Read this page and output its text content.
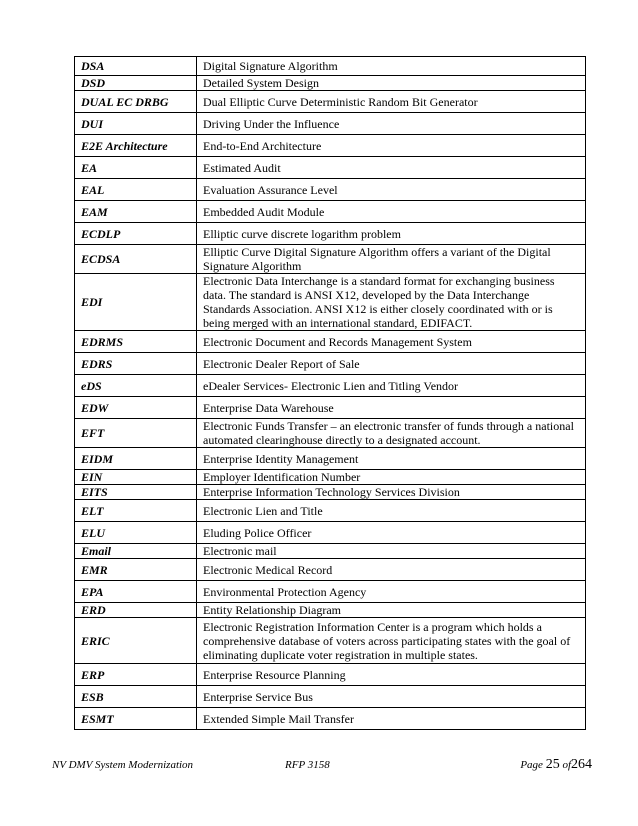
DSA	Digital Signature Algorithm
DSD	Detailed System Design
DUAL EC DRBG	Dual Elliptic Curve Deterministic Random Bit Generator
DUI	Driving Under the Influence
E2E Architecture	End-to-End Architecture
EA	Estimated Audit
EAL	Evaluation Assurance Level
EAM	Embedded Audit Module
ECDLP	Elliptic curve discrete logarithm problem
ECDSA	Elliptic Curve Digital Signature Algorithm offers a variant of the Digital Signature Algorithm
EDI	Electronic Data Interchange is a standard format for exchanging business data. The standard is ANSI X12, developed by the Data Interchange Standards Association. ANSI X12 is either closely coordinated with or is being merged with an international standard, EDIFACT.
EDRMS	Electronic Document and Records Management System
EDRS	Electronic Dealer Report of Sale
eDS	eDealer Services- Electronic Lien and Titling Vendor
EDW	Enterprise Data Warehouse
EFT	Electronic Funds Transfer – an electronic transfer of funds through a national automated clearinghouse directly to a designated account.
EIDM	Enterprise Identity Management
EIN	Employer Identification Number
EITS	Enterprise Information Technology Services Division
ELT	Electronic Lien and Title
ELU	Eluding Police Officer
Email	Electronic mail
EMR	Electronic Medical Record
EPA	Environmental Protection Agency
ERD	Entity Relationship Diagram
ERIC	Electronic Registration Information Center is a program which holds a comprehensive database of voters across participating states with the goal of eliminating duplicate voter registration in multiple states.
ERP	Enterprise Resource Planning
ESB	Enterprise Service Bus
ESMT	Extended Simple Mail Transfer
NV DMV System Modernization	RFP 3158	Page 25 of264
